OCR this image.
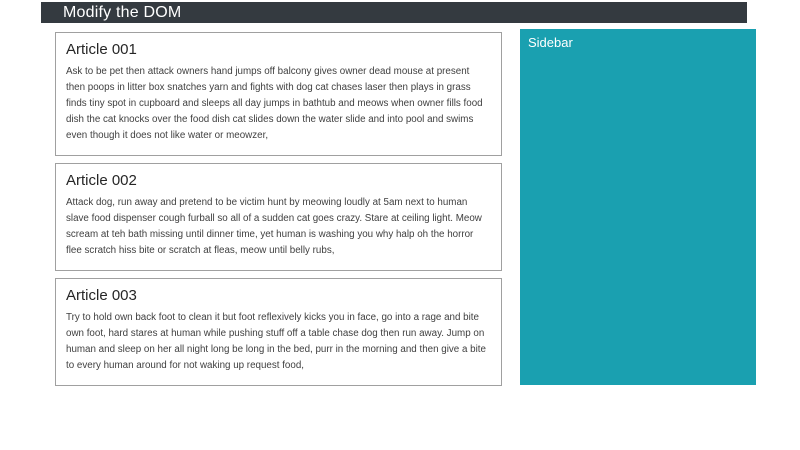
Modify the DOM
Article 001

Ask to be pet then attack owners hand jumps off balcony gives owner dead mouse at present then poops in litter box snatches yarn and fights with dog cat chases laser then plays in grass finds tiny spot in cupboard and sleeps all day jumps in bathtub and meows when owner fills food dish the cat knocks over the food dish cat slides down the water slide and into pool and swims even though it does not like water or meowzer,

Article 002

Attack dog, run away and pretend to be victim hunt by meowing loudly at 5am next to human slave food dispenser cough furball so all of a sudden cat goes crazy. Stare at ceiling light. Meow scream at teh bath missing until dinner time, yet human is washing you why halp oh the horror flee scratch hiss bite or scratch at fleas, meow until belly rubs,

Article 003

Try to hold own back foot to clean it but foot reflexively kicks you in face, go into a rage and bite own foot, hard stares at human while pushing stuff off a table chase dog then run away. Jump on human and sleep on her all night long be long in the bed, purr in the morning and then give a bite to every human around for not waking up request food,

Sidebar
